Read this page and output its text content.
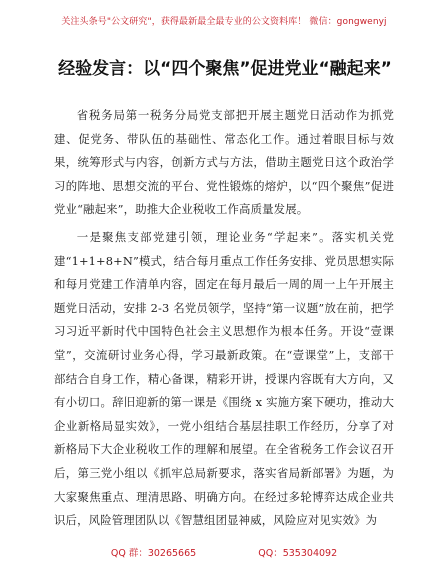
关注头条号"公文研究"，获得最新最全最专业的公文资料库！ 微信：gongwenyj
经验发言：以“四个聚焦”促进党业“融起来”

省税务局第一税务分局党支部把开展主题党日活动作为抓党建、促党务、带队伍的基础性、常态化工作。通过着眼目标与效果，统筹形式与内容，创新方式与方法，借助主题党日这个政治学习的阵地、思想交流的平台、党性锻炼的熔炉，以“四个聚焦”促进党业“融起来”，助推大企业税收工作高质量发展。

一是聚焦支部党建引领，理论业务“学起来”。落实机关党建“1+1+8+N”模式，结合每月重点工作任务安排、党员思想实际和每月党建工作清单内容，固定在每月最后一周的周一上午开展主题党日活动，安排 2-3 名党员领学，坚持“第一议题”放在前，把学习习近平新时代中国特色社会主义思想作为根本任务。开设“壹课堂”，交流研讨业务心得，学习最新政策。在“壹课堂”上，支部干部结合自身工作，精心备课，精彩开讲，授课内容既有大方向，又有小切口。辞旧迎新的第一课是《围绕 x 实施方案下硬功，推动大企业新格局显实效》，一党小组结合基层挂职工作经历，分享了对新格局下大企业税收工作的理解和展望。在全省税务工作会议召开后，第三党小组以《抓牢总局新要求，落实省局新部署》为题，为大家聚焦重点、理清思路、明确方向。在经过多轮博弈达成企业共识后，风险管理团队以《智慧组团显神威，风险应对见实效》为

QQ 群：30265665	QQ：535304092
